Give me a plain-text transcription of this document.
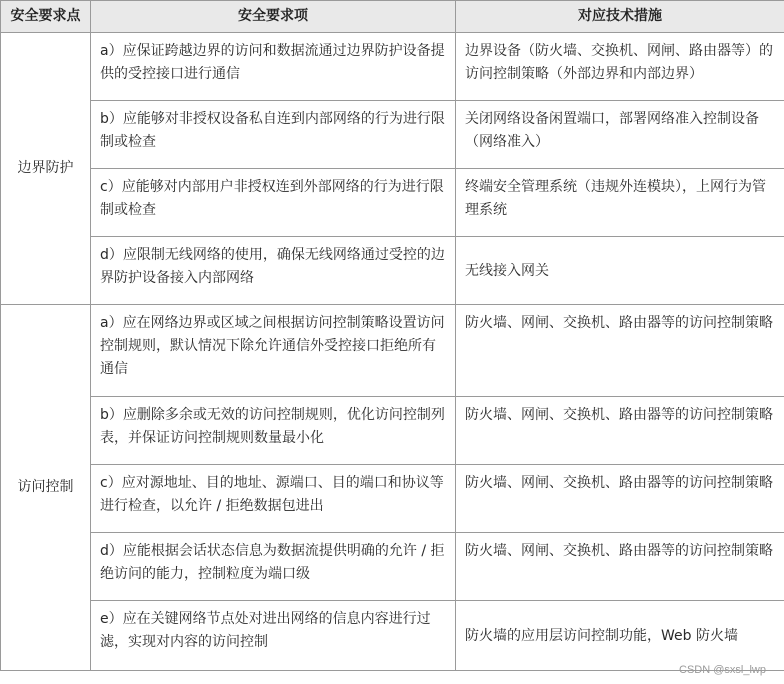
安全要求点	安全要求项	对应技术措施
边界防护	a）应保证跨越边界的访问和数据流通过边界防护设备提供的受控接口进行通信	边界设备（防火墙、交换机、网闸、路由器等）的访问控制策略（外部边界和内部边界）
	b）应能够对非授权设备私自连到内部网络的行为进行限制或检查	关闭网络设备闲置端口，部署网络准入控制设备（网络准入）
	c）应能够对内部用户非授权连到外部网络的行为进行限制或检查	终端安全管理系统（违规外连模块），上网行为管理系统
	d）应限制无线网络的使用，确保无线网络通过受控的边界防护设备接入内部网络	无线接入网关
访问控制	a）应在网络边界或区域之间根据访问控制策略设置访问控制规则，默认情况下除允许通信外受控接口拒绝所有通信	防火墙、网闸、交换机、路由器等的访问控制策略
	b）应删除多余或无效的访问控制规则，优化访问控制列表，并保证访问控制规则数量最小化	防火墙、网闸、交换机、路由器等的访问控制策略
	c）应对源地址、目的地址、源端口、目的端口和协议等进行检查，以允许 / 拒绝数据包进出	防火墙、网闸、交换机、路由器等的访问控制策略
	d）应能根据会话状态信息为数据流提供明确的允许 / 拒绝访问的能力，控制粒度为端口级	防火墙、网闸、交换机、路由器等的访问控制策略
	e）应在关键网络节点处对进出网络的信息内容进行过滤，实现对内容的访问控制	防火墙的应用层访问控制功能，Web 防火墙
CSDN @sxsl_lwp
